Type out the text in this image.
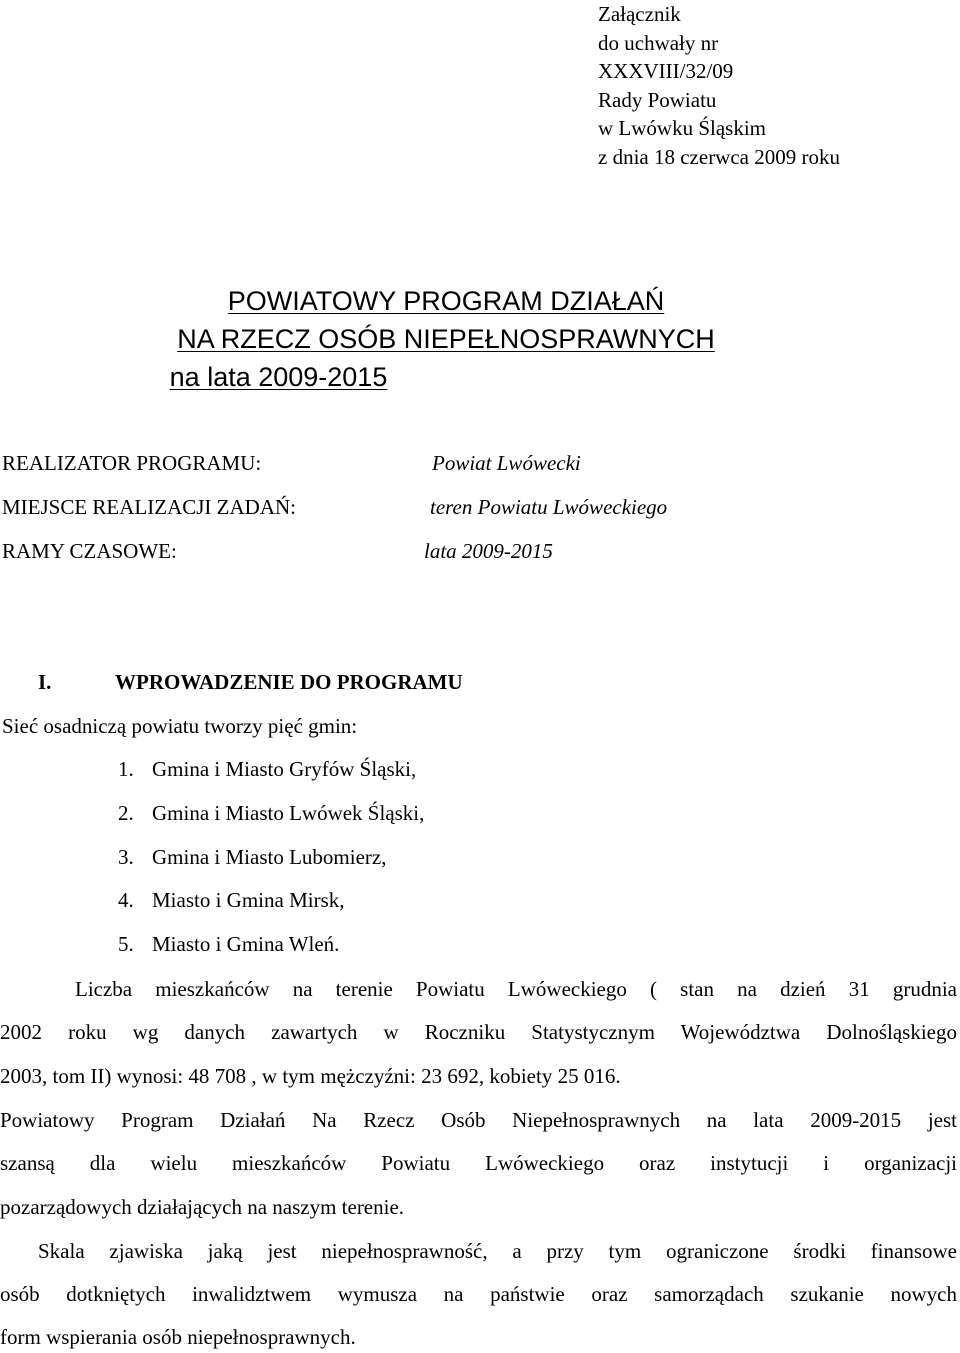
Załącznik
do uchwały nr
XXXVIII/32/09
Rady Powiatu
w Lwówku Śląskim
z dnia 18 czerwca 2009 roku
POWIATOWY PROGRAM DZIAŁAŃ
NA RZECZ OSÓB NIEPEŁNOSPRAWNYCH
na lata 2009-2015
REALIZATOR PROGRAMU:	Powiat Lwówecki
MIEJSCE REALIZACJI ZADAŃ:	teren Powiatu Lwóweckiego
RAMY CZASOWE:	lata 2009-2015
I.	WPROWADZENIE DO PROGRAMU
Sieć osadniczą powiatu tworzy pięć gmin:
1. Gmina i Miasto Gryfów Śląski,
2. Gmina i Miasto Lwówek Śląski,
3. Gmina i Miasto Lubomierz,
4. Miasto i Gmina Mirsk,
5. Miasto i Gmina Wleń.
Liczba mieszkańców na terenie Powiatu Lwóweckiego ( stan na dzień 31 grudnia
2002 roku wg danych zawartych w Roczniku Statystycznym Województwa Dolnośląskiego
2003, tom II) wynosi: 48 708 , w tym mężczyźni: 23 692, kobiety 25 016.
Powiatowy Program Działań Na Rzecz Osób Niepełnosprawnych na lata 2009-2015 jest
szansą dla wielu mieszkańców Powiatu Lwóweckiego oraz instytucji i organizacji
pozarządowych działających na naszym terenie.
Skala zjawiska jaką jest niepełnosprawność, a przy tym ograniczone środki finansowe
osób dotkniętych inwalidztwem wymusza na państwie oraz samorządach szukanie nowych
form wspierania osób niepełnosprawnych.
